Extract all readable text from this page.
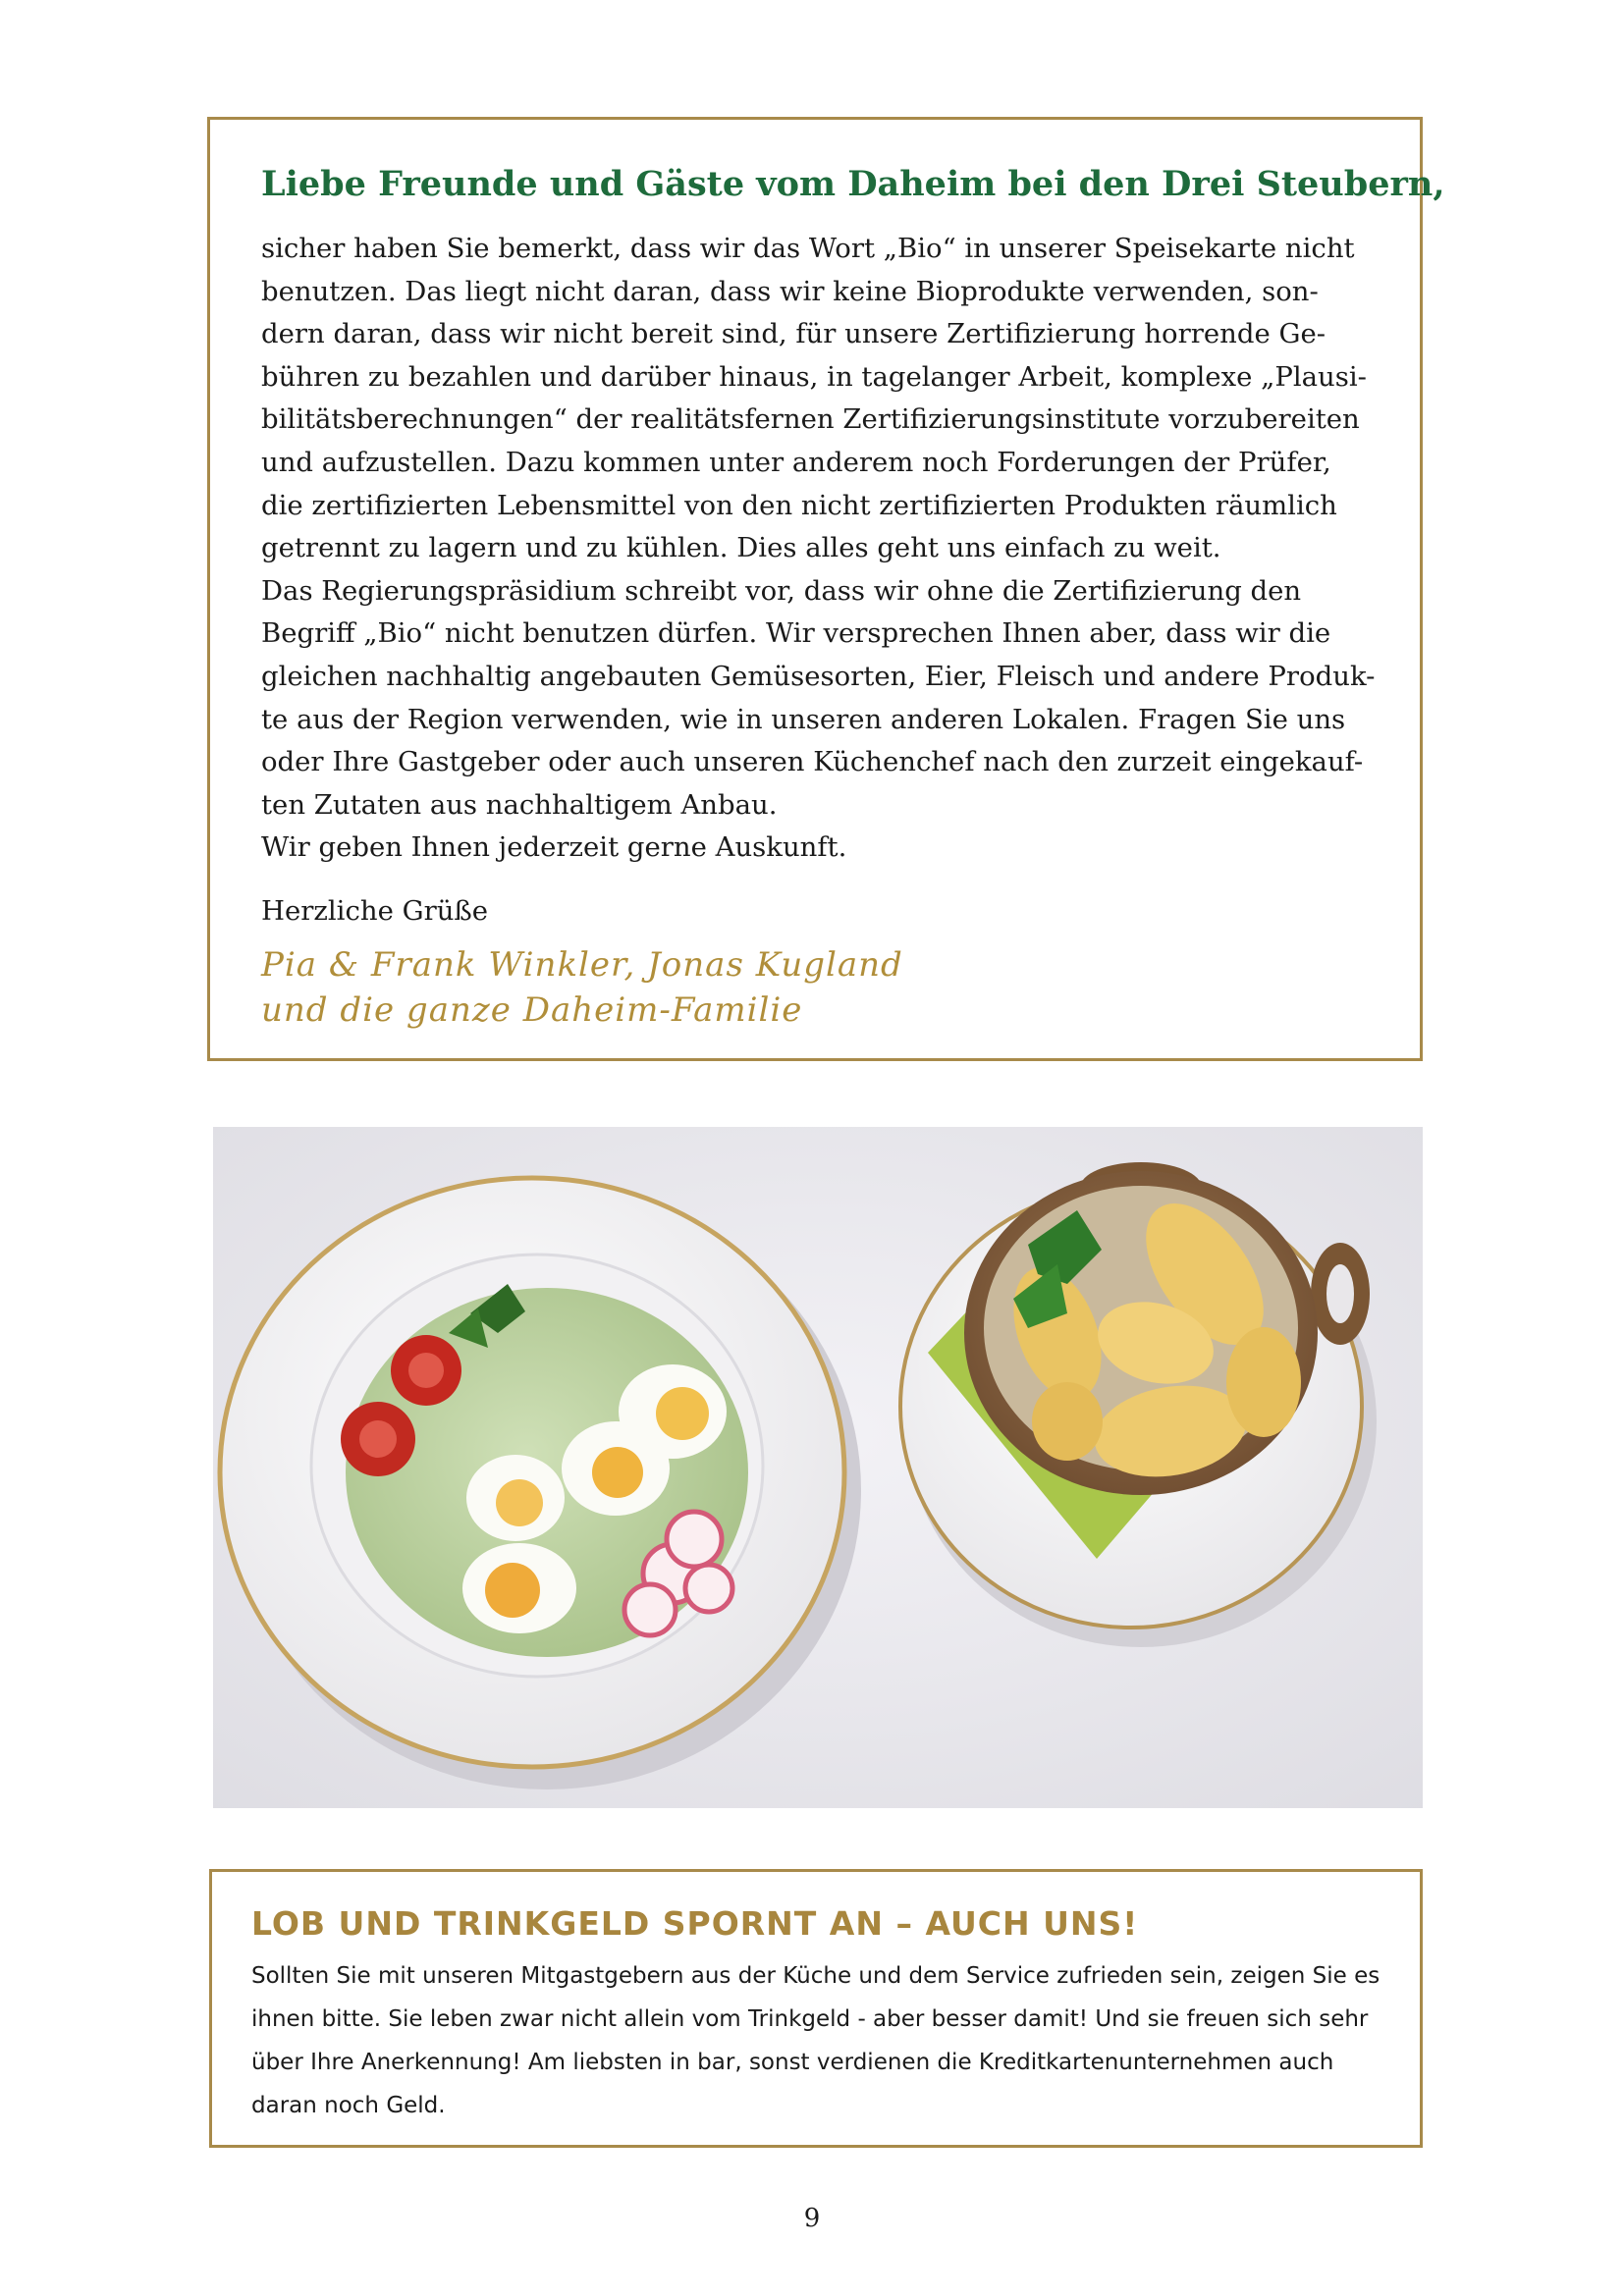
Liebe Freunde und Gäste vom Daheim bei den Drei Steubern,

sicher haben Sie bemerkt, dass wir das Wort „Bio“ in unserer Speisekarte nicht

benutzen. Das liegt nicht daran, dass wir keine Bioprodukte verwenden, son-

dern daran, dass wir nicht bereit sind, für unsere Zertifizierung horrende Ge-

bühren zu bezahlen und darüber hinaus, in tagelanger Arbeit, komplexe „Plausi-

bilitätsberechnungen“ der realitätsfernen Zertifizierungsinstitute vorzubereiten

und aufzustellen. Dazu kommen unter anderem noch Forderungen der Prüfer,

die zertifizierten Lebensmittel von den nicht zertifizierten Produkten räumlich

getrennt zu lagern und zu kühlen. Dies alles geht uns einfach zu weit.

Das Regierungspräsidium schreibt vor, dass wir ohne die Zertifizierung den

Begriff „Bio“ nicht benutzen dürfen. Wir versprechen Ihnen aber, dass wir die

gleichen nachhaltig angebauten Gemüsesorten, Eier, Fleisch und andere Produk-

te aus der Region verwenden, wie in unseren anderen Lokalen. Fragen Sie uns

oder Ihre Gastgeber oder auch unseren Küchenchef nach den zurzeit eingekauf-

ten Zutaten aus nachhaltigem Anbau.

Wir geben Ihnen jederzeit gerne Auskunft.

Herzliche Grüße
Pia & Frank Winkler, Jonas Kugland
und die ganze Daheim-Familie
LOB UND TRINKGELD SPORNT AN – AUCH UNS!

Sollten Sie mit unseren Mitgastgebern aus der Küche und dem Service zufrieden sein, zeigen Sie es

ihnen bitte. Sie leben zwar nicht allein vom Trinkgeld - aber besser damit! Und sie freuen sich sehr

über Ihre Anerkennung! Am liebsten in bar, sonst verdienen die Kreditkartenunternehmen auch

daran noch Geld.

9
